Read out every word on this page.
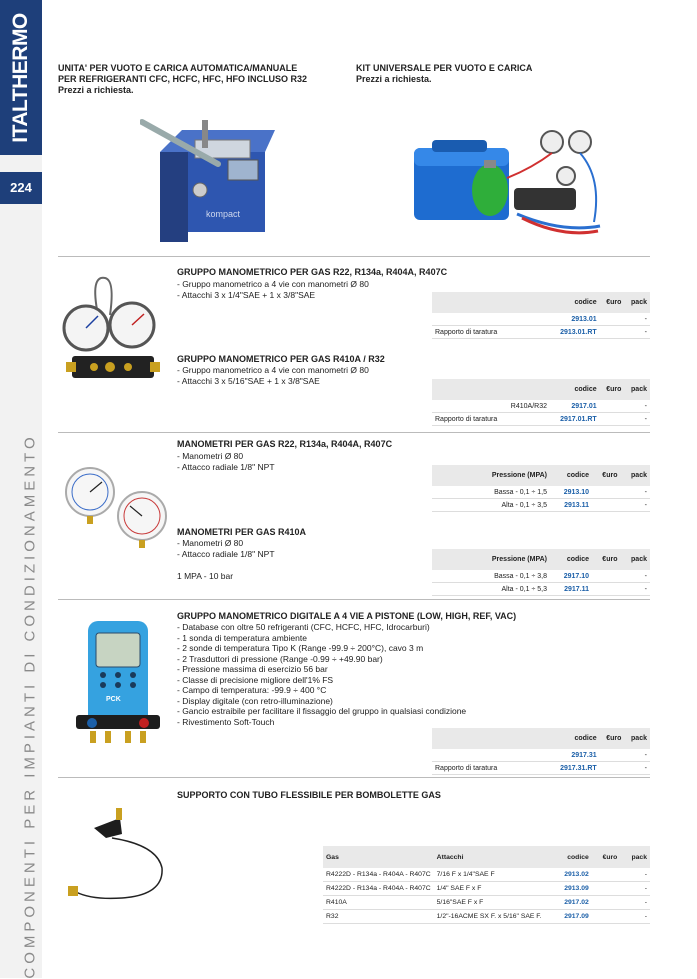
ITALTHERMO
224
COMPONENTI PER IMPIANTI DI CONDIZIONAMENTO
UNITA' PER VUOTO E CARICA AUTOMATICA/MANUALE
PER REFRIGERANTI CFC, HCFC, HFC, HFO INCLUSO R32
Prezzi a richiesta.
KIT UNIVERSALE PER VUOTO E CARICA
Prezzi a richiesta.
kompact
GRUPPO MANOMETRICO PER GAS R22, R134a, R404A, R407C
- Gruppo manometrico a 4 vie con manometri Ø 80
- Attacchi 3 x 1/4"SAE + 1 x 3/8"SAE
	codice	€uro	pack
	2913.01		-
Rapporto di taratura	2913.01.RT		-
GRUPPO MANOMETRICO PER GAS R410A / R32
- Gruppo manometrico a 4 vie con manometri Ø 80
- Attacchi 3 x 5/16"SAE + 1 x 3/8"SAE
	codice	€uro	pack
R410A/R32	2917.01		-
Rapporto di taratura	2917.01.RT		-
MANOMETRI PER GAS R22, R134a, R404A, R407C
- Manometri Ø 80
- Attacco radiale 1/8" NPT
Pressione (MPA)	codice	€uro	pack
Bassa - 0,1 ÷ 1,5	2913.10		-
Alta - 0,1 ÷ 3,5	2913.11		-
MANOMETRI PER GAS R410A
- Manometri Ø 80
- Attacco radiale 1/8" NPT
1 MPA - 10 bar
Pressione (MPA)	codice	€uro	pack
Bassa - 0,1 ÷ 3,8	2917.10		-
Alta - 0,1 ÷ 5,3	2917.11		-
GRUPPO MANOMETRICO DIGITALE A 4 VIE A PISTONE (LOW, HIGH, REF, VAC)
- Database con oltre 50 refrigeranti (CFC, HCFC, HFC, Idrocarburi)
- 1 sonda di temperatura ambiente
- 2 sonde di temperatura Tipo K (Range -99.9 ÷ 200°C), cavo 3 m
- 2 Trasduttori di pressione (Range -0.99 ÷ +49.90 bar)
- Pressione massima di esercizio 56 bar
- Classe di precisione migliore dell'1% FS
- Campo di temperatura: -99.9 ÷ 400 °C
- Display digitale (con retro-illuminazione)
- Gancio estraibile per facilitare il fissaggio del gruppo in qualsiasi condizione
- Rivestimento Soft-Touch
	codice	€uro	pack
	2917.31		-
Rapporto di taratura	2917.31.RT		-
PCK
SUPPORTO CON TUBO FLESSIBILE PER BOMBOLETTE GAS
Gas	Attacchi	codice	€uro	pack
R4222D - R134a - R404A - R407C	7/16 F x 1/4"SAE F	2913.02		-
R4222D - R134a - R404A - R407C	1/4" SAE F x F	2913.09		-
R410A	5/16"SAE F x F	2917.02		-
R32	1/2"-16ACME SX F. x 5/16" SAE F.	2917.09		-
